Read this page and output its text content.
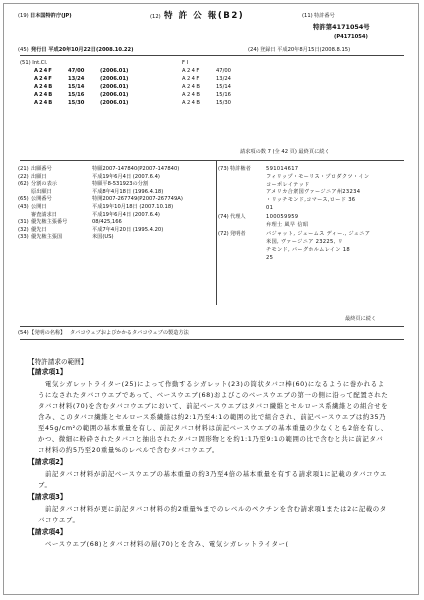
(19) 日本国特許庁(JP)	(12) 特 許 公 報(B2)	(11) 特許番号
特許第4171054号
(P4171054)
(45) 発行日 平成20年10月22日(2008.10.22)	(24) 登録日 平成20年8月15日(2008.8.15)
(51) Int.Cl.	F I
A24F	47/00	(2006.01)	A24F	47/00
A24F	13/24	(2006.01)	A24F	13/24
A24B	15/14	(2006.01)	A24B	15/14
A24B	15/16	(2006.01)	A24B	15/16
A24B	15/30	(2006.01)	A24B	15/30
請求項の数 7 (全 42 頁) 最終頁に続く
(21) 出願番号	特願2007-147840(P2007-147840)
(22) 出願日	平成19年6月4日 (2007.6.4)
(62) 分割の表示	特願平8-531923の分割
原出願日	平成8年4月18日 (1996.4.18)
(65) 公開番号	特開2007-267749(P2007-267749A)
(43) 公開日	平成19年10月18日 (2007.10.18)
審査請求日	平成19年6月4日 (2007.6.4)
(31) 優先権主張番号	08/425,166
(32) 優先日	平成7年4月20日 (1995.4.20)
(33) 優先権主張国	米国(US)
(73) 特許権者	591014617
フィリップ・モーリス・プロダクツ・イン
コーポレイテッド
アメリカ合衆国ヴァージニア州23234
・リッチモンド,コマース,ロード 36
01
(74) 代理人	100059959
弁理士 風早 信昭
(72) 発明者	バジャット, ジェームス ディー., ジュニア
米国, ヴァージニア 23225, リ
チモンド, バーグホルムレイン 18
25
最終頁に続く
(54) 【発明の名称】 タバコウェブおよびかかるタバコウェブの製造方法
【特許請求の範囲】
【請求項1】
電気シガレットライター(25)によって作動するシガレット(23)の筒状タバコ棒(60)になるように巻かれるようになされたタバコウエブであって、ベースウエブ(68)およびこのベースウエブの第一の側に沿って配置されたタバコ材料(70)を含むタバコウエブにおいて、前記ベースウエブはタバコ繊維とセルロース系繊維との組合せを含み、このタバコ繊維とセルロース系繊維は約2:1乃至4:1の範囲の比で組合され、前記ベースウエブは約35乃至45g/cm²の範囲の基本重量を有し、前記タバコ材料は前記ベースウエブの基本重量の少なくとも2倍を有し、かつ、微細に粉砕されたタバコと抽出されたタバコ固形物とを約1:1乃至9:1の範囲の比で含むと共に前記タバコ材料の約5乃至20重量%のレベルで含むタバコウエブ。
【請求項2】
前記タバコ材料が前記ベースウエブの基本重量の約3乃至4倍の基本重量を有する請求項1に記載のタバコウエブ。
【請求項3】
前記タバコ材料が更に前記タバコ材料の約2重量%までのレベルのペクチンを含む請求項1または2に記載のタバコウエブ。
【請求項4】
ベースウエブ(68)とタバコ材料の層(70)とを含み、電気シガレットライター(
